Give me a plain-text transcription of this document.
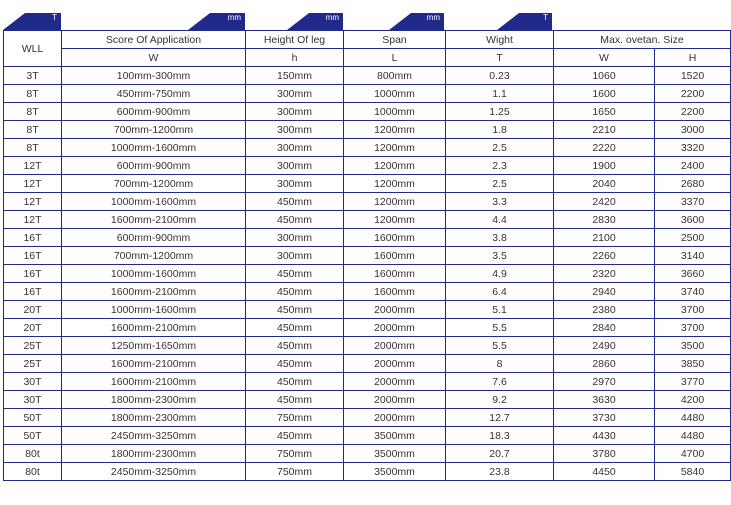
T	mm	mm	mm	T
WLL	Score Of Application	Height Of leg	Span	Wight	Max. ovetan. Size	
	W	h	L	T	W	H
3T	100mm-300mm	150mm	800mm	0.23	1060	1520
8T	450mm-750mm	300mm	1000mm	1.1	1600	2200
8T	600mm-900mm	300mm	1000mm	1.25	1650	2200
8T	700mm-1200mm	300mm	1200mm	1.8	2210	3000
8T	1000mm-1600mm	300mm	1200mm	2.5	2220	3320
12T	600mm-900mm	300mm	1200mm	2.3	1900	2400
12T	700mm-1200mm	300mm	1200mm	2.5	2040	2680
12T	1000mm-1600mm	450mm	1200mm	3.3	2420	3370
12T	1600mm-2100mm	450mm	1200mm	4.4	2830	3600
16T	600mm-900mm	300mm	1600mm	3.8	2100	2500
16T	700mm-1200mm	300mm	1600mm	3.5	2260	3140
16T	1000mm-1600mm	450mm	1600mm	4.9	2320	3660
16T	1600mm-2100mm	450mm	1600mm	6.4	2940	3740
20T	1000mm-1600mm	450mm	2000mm	5.1	2380	3700
20T	1600mm-2100mm	450mm	2000mm	5.5	2840	3700
25T	1250mm-1650mm	450mm	2000mm	5.5	2490	3500
25T	1600mm-2100mm	450mm	2000mm	8	2860	3850
30T	1600mm-2100mm	450mm	2000mm	7.6	2970	3770
30T	1800mm-2300mm	450mm	2000mm	9.2	3630	4200
50T	1800mm-2300mm	750mm	2000mm	12.7	3730	4480
50T	2450mm-3250mm	450mm	3500mm	18.3	4430	4480
80t	1800mm-2300mm	750mm	3500mm	20.7	3780	4700
80t	2450mm-3250mm	750mm	3500mm	23.8	4450	5840
